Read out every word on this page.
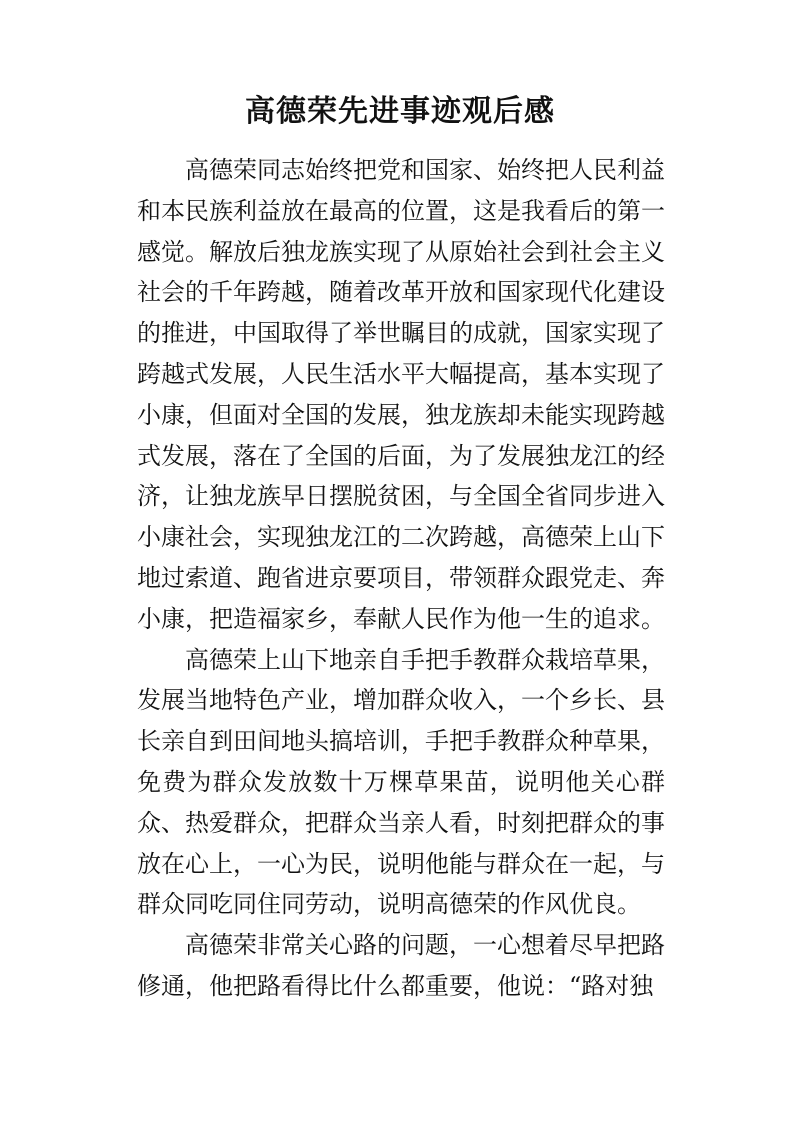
高德荣先进事迹观后感

高德荣同志始终把党和国家、始终把人民利益和本民族利益放在最高的位置，这是我看后的第一感觉。解放后独龙族实现了从原始社会到社会主义社会的千年跨越，随着改革开放和国家现代化建设的推进，中国取得了举世瞩目的成就，国家实现了跨越式发展，人民生活水平大幅提高，基本实现了小康，但面对全国的发展，独龙族却未能实现跨越式发展，落在了全国的后面，为了发展独龙江的经济，让独龙族早日摆脱贫困，与全国全省同步进入小康社会，实现独龙江的二次跨越，高德荣上山下地过索道、跑省进京要项目，带领群众跟党走、奔小康，把造福家乡，奉献人民作为他一生的追求。

高德荣上山下地亲自手把手教群众栽培草果，发展当地特色产业，增加群众收入，一个乡长、县长亲自到田间地头搞培训，手把手教群众种草果，免费为群众发放数十万棵草果苗，说明他关心群众、热爱群众，把群众当亲人看，时刻把群众的事放在心上，一心为民，说明他能与群众在一起，与群众同吃同住同劳动，说明高德荣的作风优良。

高德荣非常关心路的问题，一心想着尽早把路修通，他把路看得比什么都重要，他说：“路对独
